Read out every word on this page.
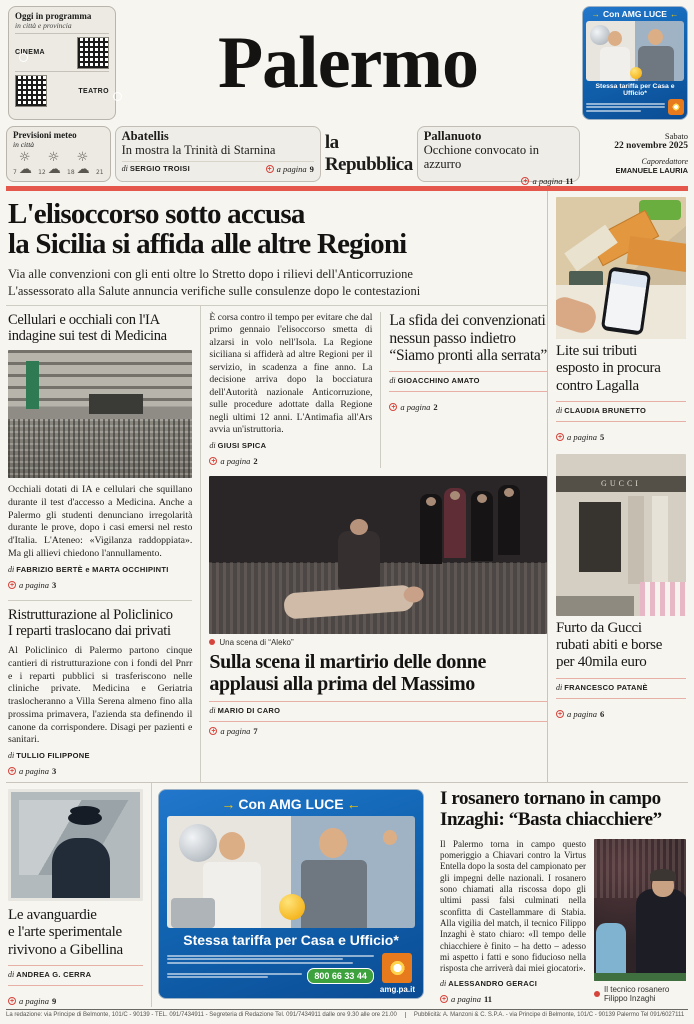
Oggi in programma
in città e provincia
CINEMA
TEATRO	Palermo
→ Con AMG LUCE ←
Stessa tariffa per Casa e Ufficio*
Previsioni meteo
in città
7
☼☁	12
☼☁	18
☼☁	21
Abatellis
In mostra la Trinità di Starnina
di SERGIO TROISI	+ a pagina 9
la Repubblica
Pallanuoto
Occhione convocato in azzurro
+ a pagina 11
Sabato
22 novembre 2025
Caporedattore
EMANUELE LAURIA
L'elisoccorso sotto accusa
la Sicilia si affida alle altre Regioni
Via alle convenzioni con gli enti oltre lo Stretto dopo i rilievi dell'Anticorruzione
L'assessorato alla Salute annuncia verifiche sulle consulenze dopo le contestazioni
Cellulari e occhiali con l'IA
indagine sui test di Medicina

Occhiali dotati di IA e cellulari che squillano durante il test d'accesso a Medicina. Anche a Palermo gli studenti denunciano irregolarità durante le prove, dopo i casi emersi nel resto d'Italia. L'Ateneo: «Vigilanza raddoppiata». Ma gli allievi chiedono l'annullamento.

di FABRIZIO BERTÈ e MARTA OCCHIPINTI
+ a pagina 3
Ristrutturazione al Policlinico
I reparti traslocano dai privati

Al Policlinico di Palermo partono cinque cantieri di ristrutturazione con i fondi del Pnrr e i reparti pubblici si trasferiscono nelle cliniche private. Medicina e Geriatria traslocheranno a Villa Serena almeno fino alla prossima primavera, l'azienda sta definendo il canone da corrispondere. Disagi per pazienti e sanitari.

di TULLIO FILIPPONE
+ a pagina 3

È corsa contro il tempo per evitare che dal primo gennaio l'elisoccorso smetta di alzarsi in volo nell'Isola. La Regione siciliana si affiderà ad altre Regioni per il servizio, in scadenza a fine anno. La decisione arriva dopo la bocciatura dell'Autorità nazionale Anticorruzione, sulle procedure adottate dalla Regione negli ultimi 12 anni. L'Antimafia all'Ars avvia un'istruttoria.

di GIUSI SPICA
+ a pagina 2
La sfida dei convenzionati
nessun passo indietro
“Siamo pronti alla serrata”
di GIOACCHINO AMATO
+ a pagina 2
Una scena di “Aleko”
Sulla scena il martirio delle donne
applausi alla prima del Massimo
di MARIO DI CARO
+ a pagina 7
Lite sui tributi
esposto in procura
contro Lagalla
di CLAUDIA BRUNETTO
+ a pagina 5
GUCCI
Furto da Gucci
rubati abiti e borse
per 40mila euro
di FRANCESCO PATANÈ
+ a pagina 6
Le avanguardie
e l'arte sperimentale
rivivono a Gibellina
di ANDREA G. CERRA
+ a pagina 9
→ Con AMG LUCE ←
Stessa tariffa per Casa e Ufficio*
800 66 33 44
amg.pa.it
I rosanero tornano in campo
Inzaghi: “Basta chiacchiere”

Il Palermo torna in campo questo pomeriggio a Chiavari contro la Virtus Entella dopo la sosta del campionato per gli impegni delle nazionali. I rosanero sono chiamati alla riscossa dopo gli ultimi passi falsi culminati nella sconfitta di Castellammare di Stabia. Alla vigilia del match, il tecnico Filippo Inzaghi è stato chiaro: «Il tempo delle chiacchiere è finito – ha detto – adesso mi aspetto i fatti e sono fiducioso nella risposta che arriverà dai miei giocatori».

di ALESSANDRO GERACI
+ a pagina 11
Il tecnico rosanero Filippo Inzaghi
La redazione: via Principe di Belmonte, 101/C - 90139 - TEL. 091/7434911 - Segreteria di Redazione Tel. 091/7434911 dalle ore 9.30 alle ore 21.00	Pubblicità: A. Manzoni & C. S.P.A. - via Principe di Belmonte, 101/C - 90139 Palermo Tel 091/6027111
